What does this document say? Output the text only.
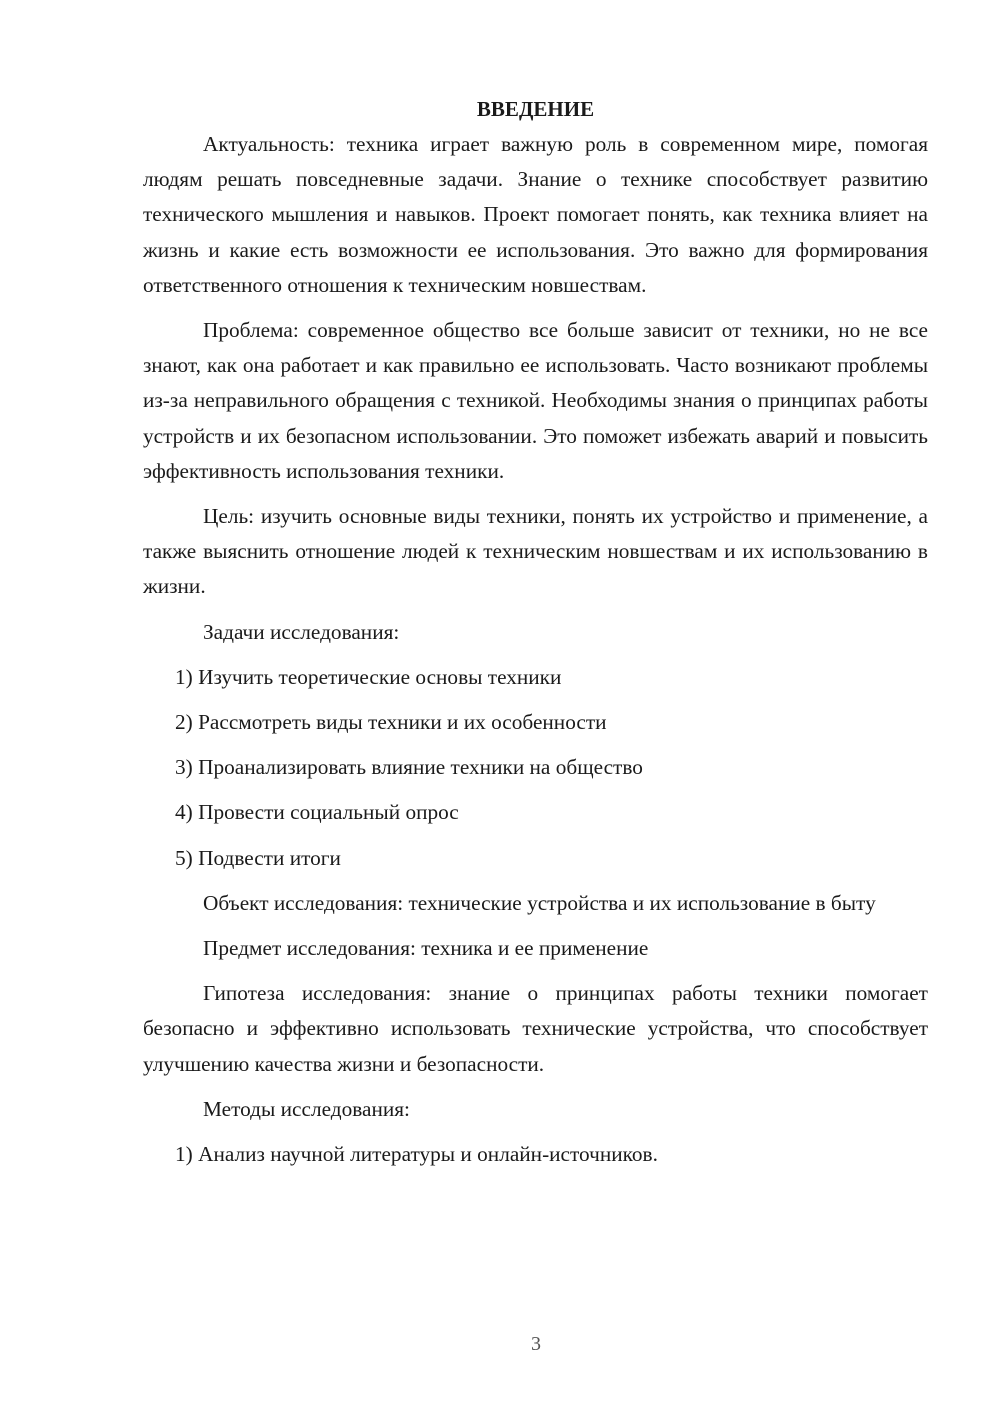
ВВЕДЕНИЕ

Актуальность: техника играет важную роль в современном мире, помогая людям решать повседневные задачи. Знание о технике способствует развитию технического мышления и навыков. Проект помогает понять, как техника влияет на жизнь и какие есть возможности ее использования. Это важно для формирования ответственного отношения к техническим новшествам.

Проблема: современное общество все больше зависит от техники, но не все знают, как она работает и как правильно ее использовать. Часто возникают проблемы из-за неправильного обращения с техникой. Необходимы знания о принципах работы устройств и их безопасном использовании. Это поможет избежать аварий и повысить эффективность использования техники.

Цель: изучить основные виды техники, понять их устройство и применение, а также выяснить отношение людей к техническим новшествам и их использованию в жизни.

Задачи исследования:

1) Изучить теоретические основы техники
2) Рассмотреть виды техники и их особенности
3) Проанализировать влияние техники на общество
4) Провести социальный опрос
5) Подвести итоги

Объект исследования: технические устройства и их использование в быту

Предмет исследования: техника и ее применение

Гипотеза исследования: знание о принципах работы техники помогает безопасно и эффективно использовать технические устройства, что способствует улучшению качества жизни и безопасности.

Методы исследования:

1) Анализ научной литературы и онлайн-источников.
3
